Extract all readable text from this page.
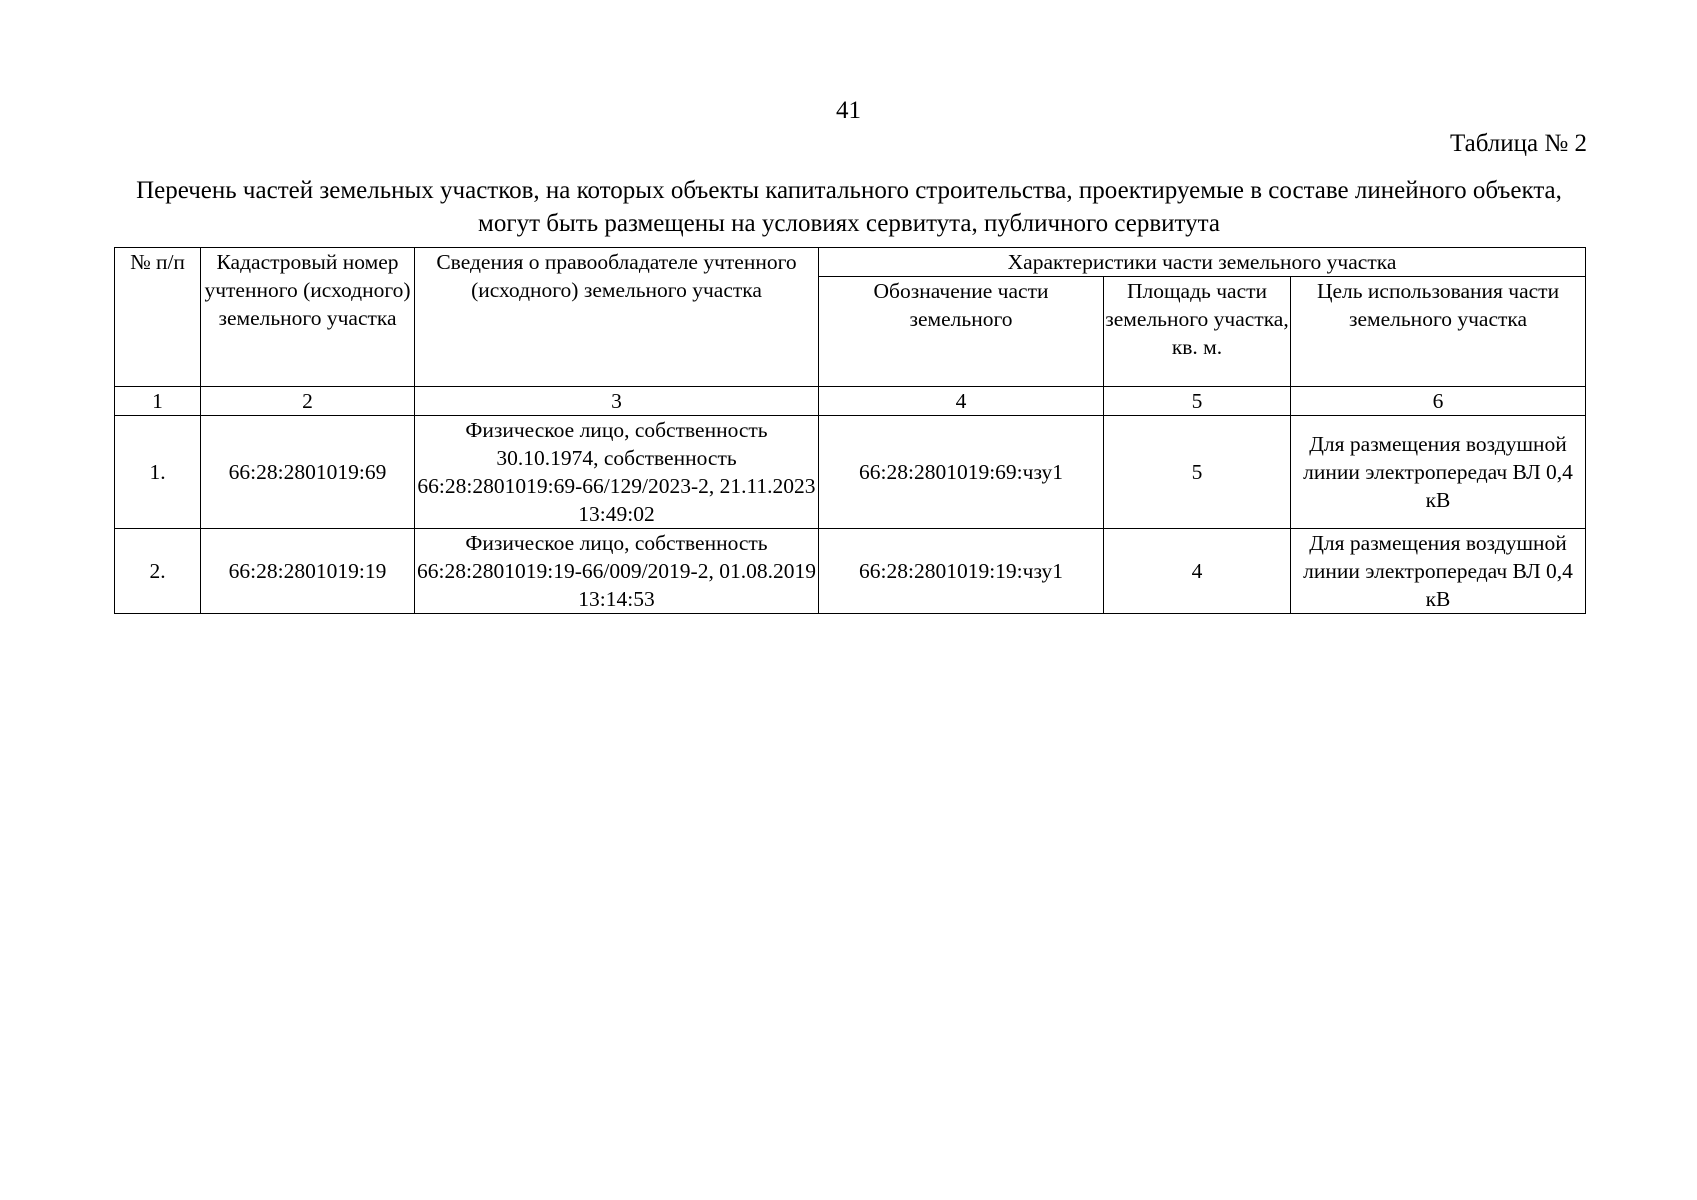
41
Таблица № 2
Перечень частей земельных участков, на которых объекты капитального строительства, проектируемые в составе линейного объекта, могут быть размещены на условиях сервитута, публичного сервитута
№ п/п	Кадастровый номер учтенного (исходного) земельного участка	Сведения о правообладателе учтенного (исходного) земельного участка	Характеристики части земельного участка		
			Обозначение части земельного	Площадь части земельного участка, кв. м.	Цель использования части земельного участка
1	2	3	4	5	6
1.	66:28:2801019:69	Физическое лицо, собственность 30.10.1974, собственность 66:28:2801019:69-66/129/2023-2, 21.11.2023 13:49:02	66:28:2801019:69:чзу1	5	Для размещения воздушной линии электропередач ВЛ 0,4 кВ
2.	66:28:2801019:19	Физическое лицо, собственность 66:28:2801019:19-66/009/2019-2, 01.08.2019 13:14:53	66:28:2801019:19:чзу1	4	Для размещения воздушной линии электропередач ВЛ 0,4 кВ
